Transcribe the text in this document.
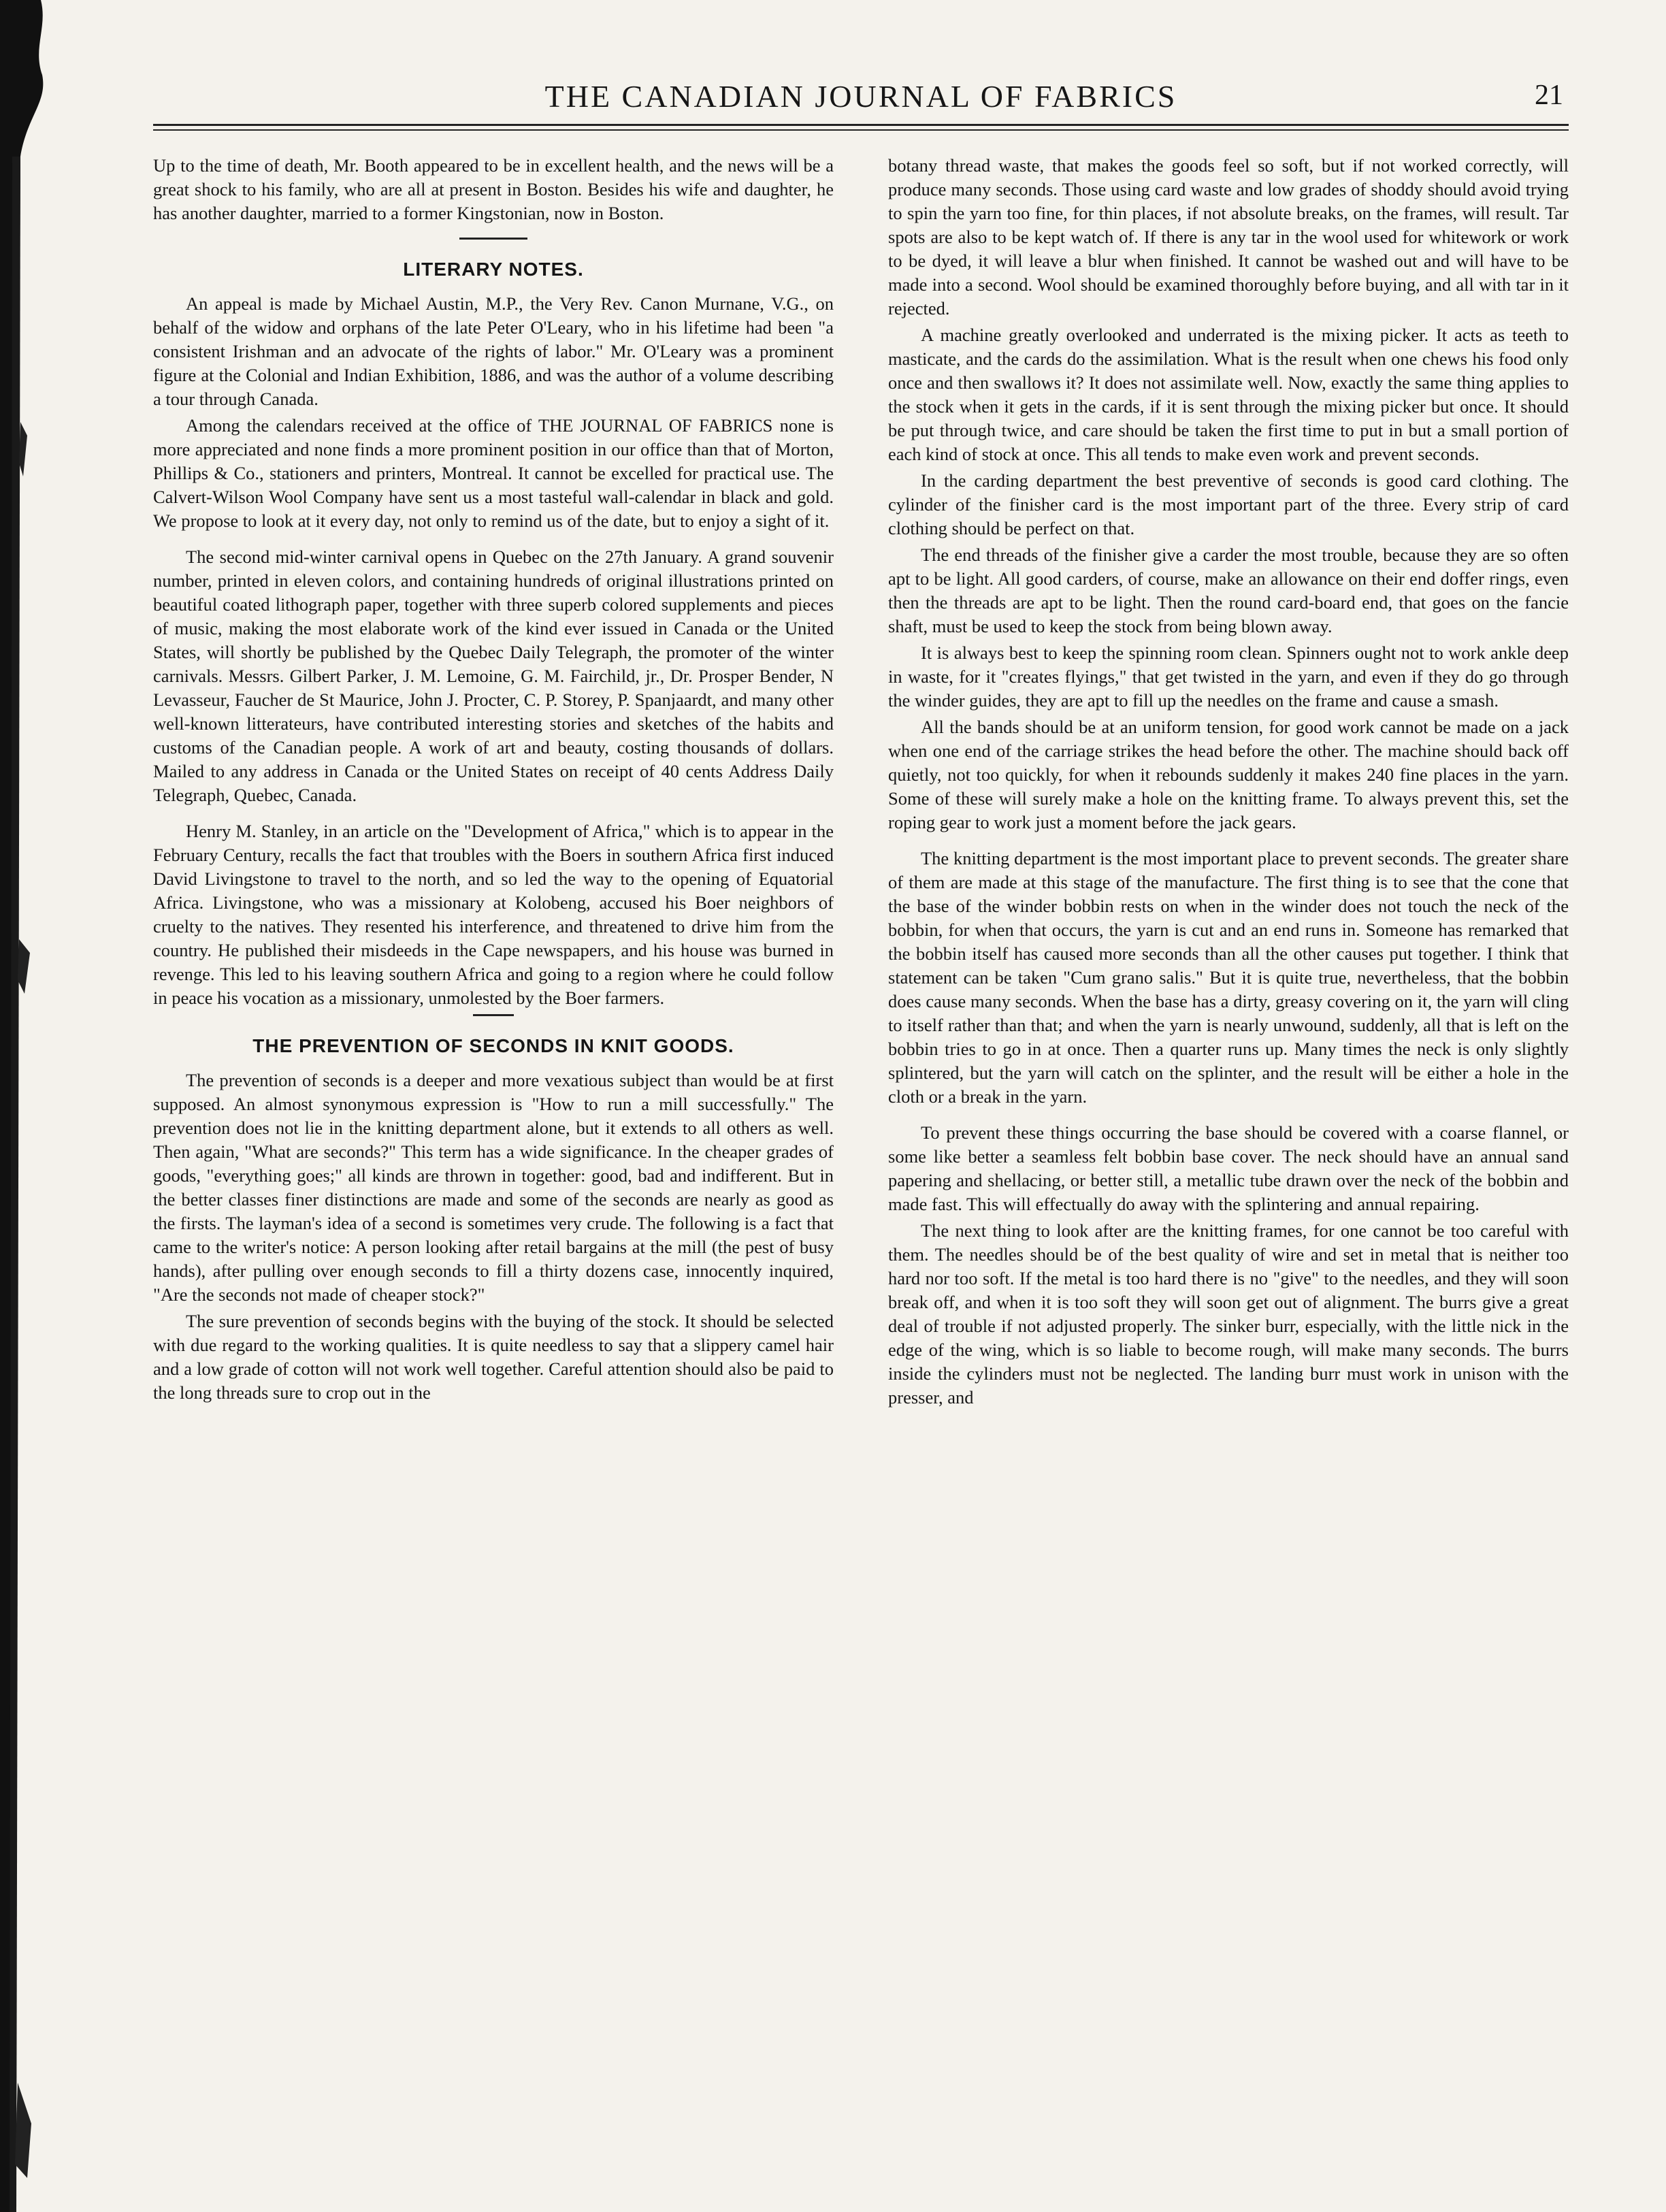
THE CANADIAN JOURNAL OF FABRICS	21

Up to the time of death, Mr. Booth appeared to be in excellent health, and the news will be a great shock to his family, who are all at present in Boston. Besides his wife and daughter, he has another daughter, married to a former Kingstonian, now in Boston.

LITERARY NOTES.

An appeal is made by Michael Austin, M.P., the Very Rev. Canon Murnane, V.G., on behalf of the widow and orphans of the late Peter O'Leary, who in his lifetime had been "a consistent Irishman and an advocate of the rights of labor." Mr. O'Leary was a prominent figure at the Colonial and Indian Exhibition, 1886, and was the author of a volume describing a tour through Canada.

Among the calendars received at the office of THE JOURNAL OF FABRICS none is more appreciated and none finds a more prominent position in our office than that of Morton, Phillips & Co., stationers and printers, Montreal. It cannot be excelled for practical use. The Calvert-Wilson Wool Company have sent us a most tasteful wall-calendar in black and gold. We propose to look at it every day, not only to remind us of the date, but to enjoy a sight of it.

The second mid-winter carnival opens in Quebec on the 27th January. A grand souvenir number, printed in eleven colors, and containing hundreds of original illustrations printed on beautiful coated lithograph paper, together with three superb colored supplements and pieces of music, making the most elaborate work of the kind ever issued in Canada or the United States, will shortly be published by the Quebec Daily Telegraph, the promoter of the winter carnivals. Messrs. Gilbert Parker, J. M. Lemoine, G. M. Fairchild, jr., Dr. Prosper Bender, N Levasseur, Faucher de St Maurice, John J. Procter, C. P. Storey, P. Spanjaardt, and many other well-known litterateurs, have contributed interesting stories and sketches of the habits and customs of the Canadian people. A work of art and beauty, costing thousands of dollars. Mailed to any address in Canada or the United States on receipt of 40 cents Address Daily Telegraph, Quebec, Canada.

Henry M. Stanley, in an article on the "Development of Africa," which is to appear in the February Century, recalls the fact that troubles with the Boers in southern Africa first induced David Livingstone to travel to the north, and so led the way to the opening of Equatorial Africa. Livingstone, who was a missionary at Kolobeng, accused his Boer neighbors of cruelty to the natives. They resented his interference, and threatened to drive him from the country. He published their misdeeds in the Cape newspapers, and his house was burned in revenge. This led to his leaving southern Africa and going to a region where he could follow in peace his vocation as a missionary, unmolested by the Boer farmers.

THE PREVENTION OF SECONDS IN KNIT GOODS.

The prevention of seconds is a deeper and more vexatious subject than would be at first supposed. An almost synonymous expression is "How to run a mill successfully." The prevention does not lie in the knitting department alone, but it extends to all others as well. Then again, "What are seconds?" This term has a wide significance. In the cheaper grades of goods, "everything goes;" all kinds are thrown in together: good, bad and indifferent. But in the better classes finer distinctions are made and some of the seconds are nearly as good as the firsts. The layman's idea of a second is sometimes very crude. The following is a fact that came to the writer's notice: A person looking after retail bargains at the mill (the pest of busy hands), after pulling over enough seconds to fill a thirty dozens case, innocently inquired, "Are the seconds not made of cheaper stock?"

The sure prevention of seconds begins with the buying of the stock. It should be selected with due regard to the working qualities. It is quite needless to say that a slippery camel hair and a low grade of cotton will not work well together. Careful attention should also be paid to the long threads sure to crop out in the

botany thread waste, that makes the goods feel so soft, but if not worked correctly, will produce many seconds. Those using card waste and low grades of shoddy should avoid trying to spin the yarn too fine, for thin places, if not absolute breaks, on the frames, will result. Tar spots are also to be kept watch of. If there is any tar in the wool used for whitework or work to be dyed, it will leave a blur when finished. It cannot be washed out and will have to be made into a second. Wool should be examined thoroughly before buying, and all with tar in it rejected.

A machine greatly overlooked and underrated is the mixing picker. It acts as teeth to masticate, and the cards do the assimilation. What is the result when one chews his food only once and then swallows it? It does not assimilate well. Now, exactly the same thing applies to the stock when it gets in the cards, if it is sent through the mixing picker but once. It should be put through twice, and care should be taken the first time to put in but a small portion of each kind of stock at once. This all tends to make even work and prevent seconds.

In the carding department the best preventive of seconds is good card clothing. The cylinder of the finisher card is the most important part of the three. Every strip of card clothing should be perfect on that.

The end threads of the finisher give a carder the most trouble, because they are so often apt to be light. All good carders, of course, make an allowance on their end doffer rings, even then the threads are apt to be light. Then the round card-board end, that goes on the fancie shaft, must be used to keep the stock from being blown away.

It is always best to keep the spinning room clean. Spinners ought not to work ankle deep in waste, for it "creates flyings," that get twisted in the yarn, and even if they do go through the winder guides, they are apt to fill up the needles on the frame and cause a smash.

All the bands should be at an uniform tension, for good work cannot be made on a jack when one end of the carriage strikes the head before the other. The machine should back off quietly, not too quickly, for when it rebounds suddenly it makes 240 fine places in the yarn. Some of these will surely make a hole on the knitting frame. To always prevent this, set the roping gear to work just a moment before the jack gears.

The knitting department is the most important place to prevent seconds. The greater share of them are made at this stage of the manufacture. The first thing is to see that the cone that the base of the winder bobbin rests on when in the winder does not touch the neck of the bobbin, for when that occurs, the yarn is cut and an end runs in. Someone has remarked that the bobbin itself has caused more seconds than all the other causes put together. I think that statement can be taken "Cum grano salis." But it is quite true, nevertheless, that the bobbin does cause many seconds. When the base has a dirty, greasy covering on it, the yarn will cling to itself rather than that; and when the yarn is nearly unwound, suddenly, all that is left on the bobbin tries to go in at once. Then a quarter runs up. Many times the neck is only slightly splintered, but the yarn will catch on the splinter, and the result will be either a hole in the cloth or a break in the yarn.

To prevent these things occurring the base should be covered with a coarse flannel, or some like better a seamless felt bobbin base cover. The neck should have an annual sand papering and shellacing, or better still, a metallic tube drawn over the neck of the bobbin and made fast. This will effectually do away with the splintering and annual repairing.

The next thing to look after are the knitting frames, for one cannot be too careful with them. The needles should be of the best quality of wire and set in metal that is neither too hard nor too soft. If the metal is too hard there is no "give" to the needles, and they will soon break off, and when it is too soft they will soon get out of alignment. The burrs give a great deal of trouble if not adjusted properly. The sinker burr, especially, with the little nick in the edge of the wing, which is so liable to become rough, will make many seconds. The burrs inside the cylinders must not be neglected. The landing burr must work in unison with the presser, and
